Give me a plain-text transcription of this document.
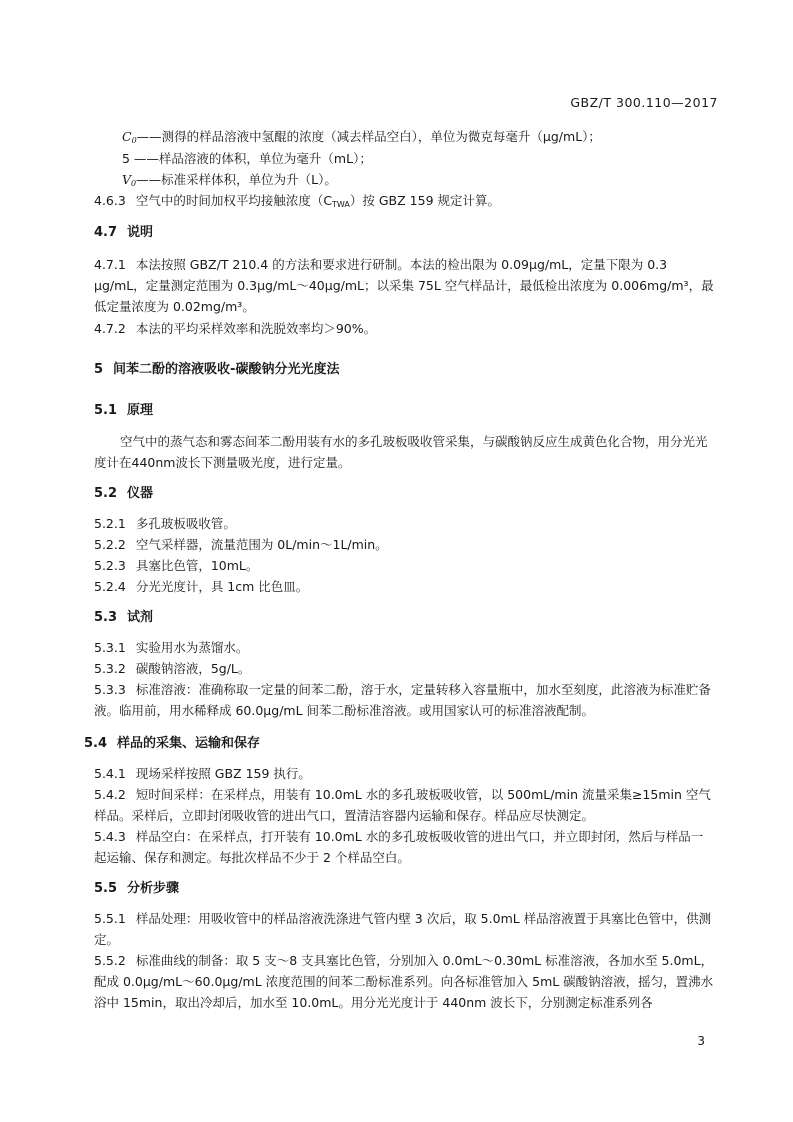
GBZ/T 300.110—2017
$C_0——$测得的样品溶液中氢醌的浓度（减去样品空白），单位为微克每毫升（μg/mL）；
5 ——样品溶液的体积，单位为毫升（mL）；
$V_0——$标准采样体积，单位为升（L）。
4.6.3 空气中的时间加权平均接触浓度$(C_{TWA})$按 GBZ 159 规定计算。
4.7 说明
4.7.1 本法按照 GBZ/T 210.4 的方法和要求进行研制。本法的检出限为 0.09μg/mL，定量下限为 0.3 μg/mL，定量测定范围为 0.3μg/mL～40μg/mL；以采集 75L 空气样品计，最低检出浓度为 0.006mg/m³，最低定量浓度为 0.02mg/m³。
4.7.2 本法的平均采样效率和洗脱效率均＞90%。
5 间苯二酚的溶液吸收-碳酸钠分光光度法
5.1 原理
空气中的蒸气态和雾态间苯二酚用装有水的多孔玻板吸收管采集，与碳酸钠反应生成黄色化合物，用分光光度计在440nm波长下测量吸光度，进行定量。
5.2 仪器
5.2.1 多孔玻板吸收管。
5.2.2 空气采样器，流量范围为 0L/min～1L/min。
5.2.3 具塞比色管，10mL。
5.2.4 分光光度计，具 1cm 比色皿。
5.3 试剂
5.3.1 实验用水为蒸馏水。
5.3.2 碳酸钠溶液，5g/L。
5.3.3 标准溶液：准确称取一定量的间苯二酚，溶于水，定量转移入容量瓶中，加水至刻度，此溶液为标准贮备液。临用前，用水稀释成 60.0μg/mL 间苯二酚标准溶液。或用国家认可的标准溶液配制。
5.4 样品的采集、运输和保存
5.4.1 现场采样按照 GBZ 159 执行。
5.4.2 短时间采样：在采样点，用装有 10.0mL 水的多孔玻板吸收管，以 500mL/min 流量采集≥15min 空气样品。采样后，立即封闭吸收管的进出气口，置清洁容器内运输和保存。样品应尽快测定。
5.4.3 样品空白：在采样点，打开装有 10.0mL 水的多孔玻板吸收管的进出气口，并立即封闭，然后与样品一起运输、保存和测定。每批次样品不少于 2 个样品空白。
5.5 分析步骤
5.5.1 样品处理：用吸收管中的样品溶液洗涤进气管内壁 3 次后，取 5.0mL 样品溶液置于具塞比色管中，供测定。
5.5.2 标准曲线的制备：取 5 支～8 支具塞比色管，分别加入 0.0mL～0.30mL 标准溶液，各加水至 5.0mL，配成 0.0μg/mL～60.0μg/mL 浓度范围的间苯二酚标准系列。向各标准管加入 5mL 碳酸钠溶液，摇匀，置沸水浴中 15min，取出冷却后，加水至 10.0mL。用分光光度计于 440nm 波长下，分别测定标准系列各
3
